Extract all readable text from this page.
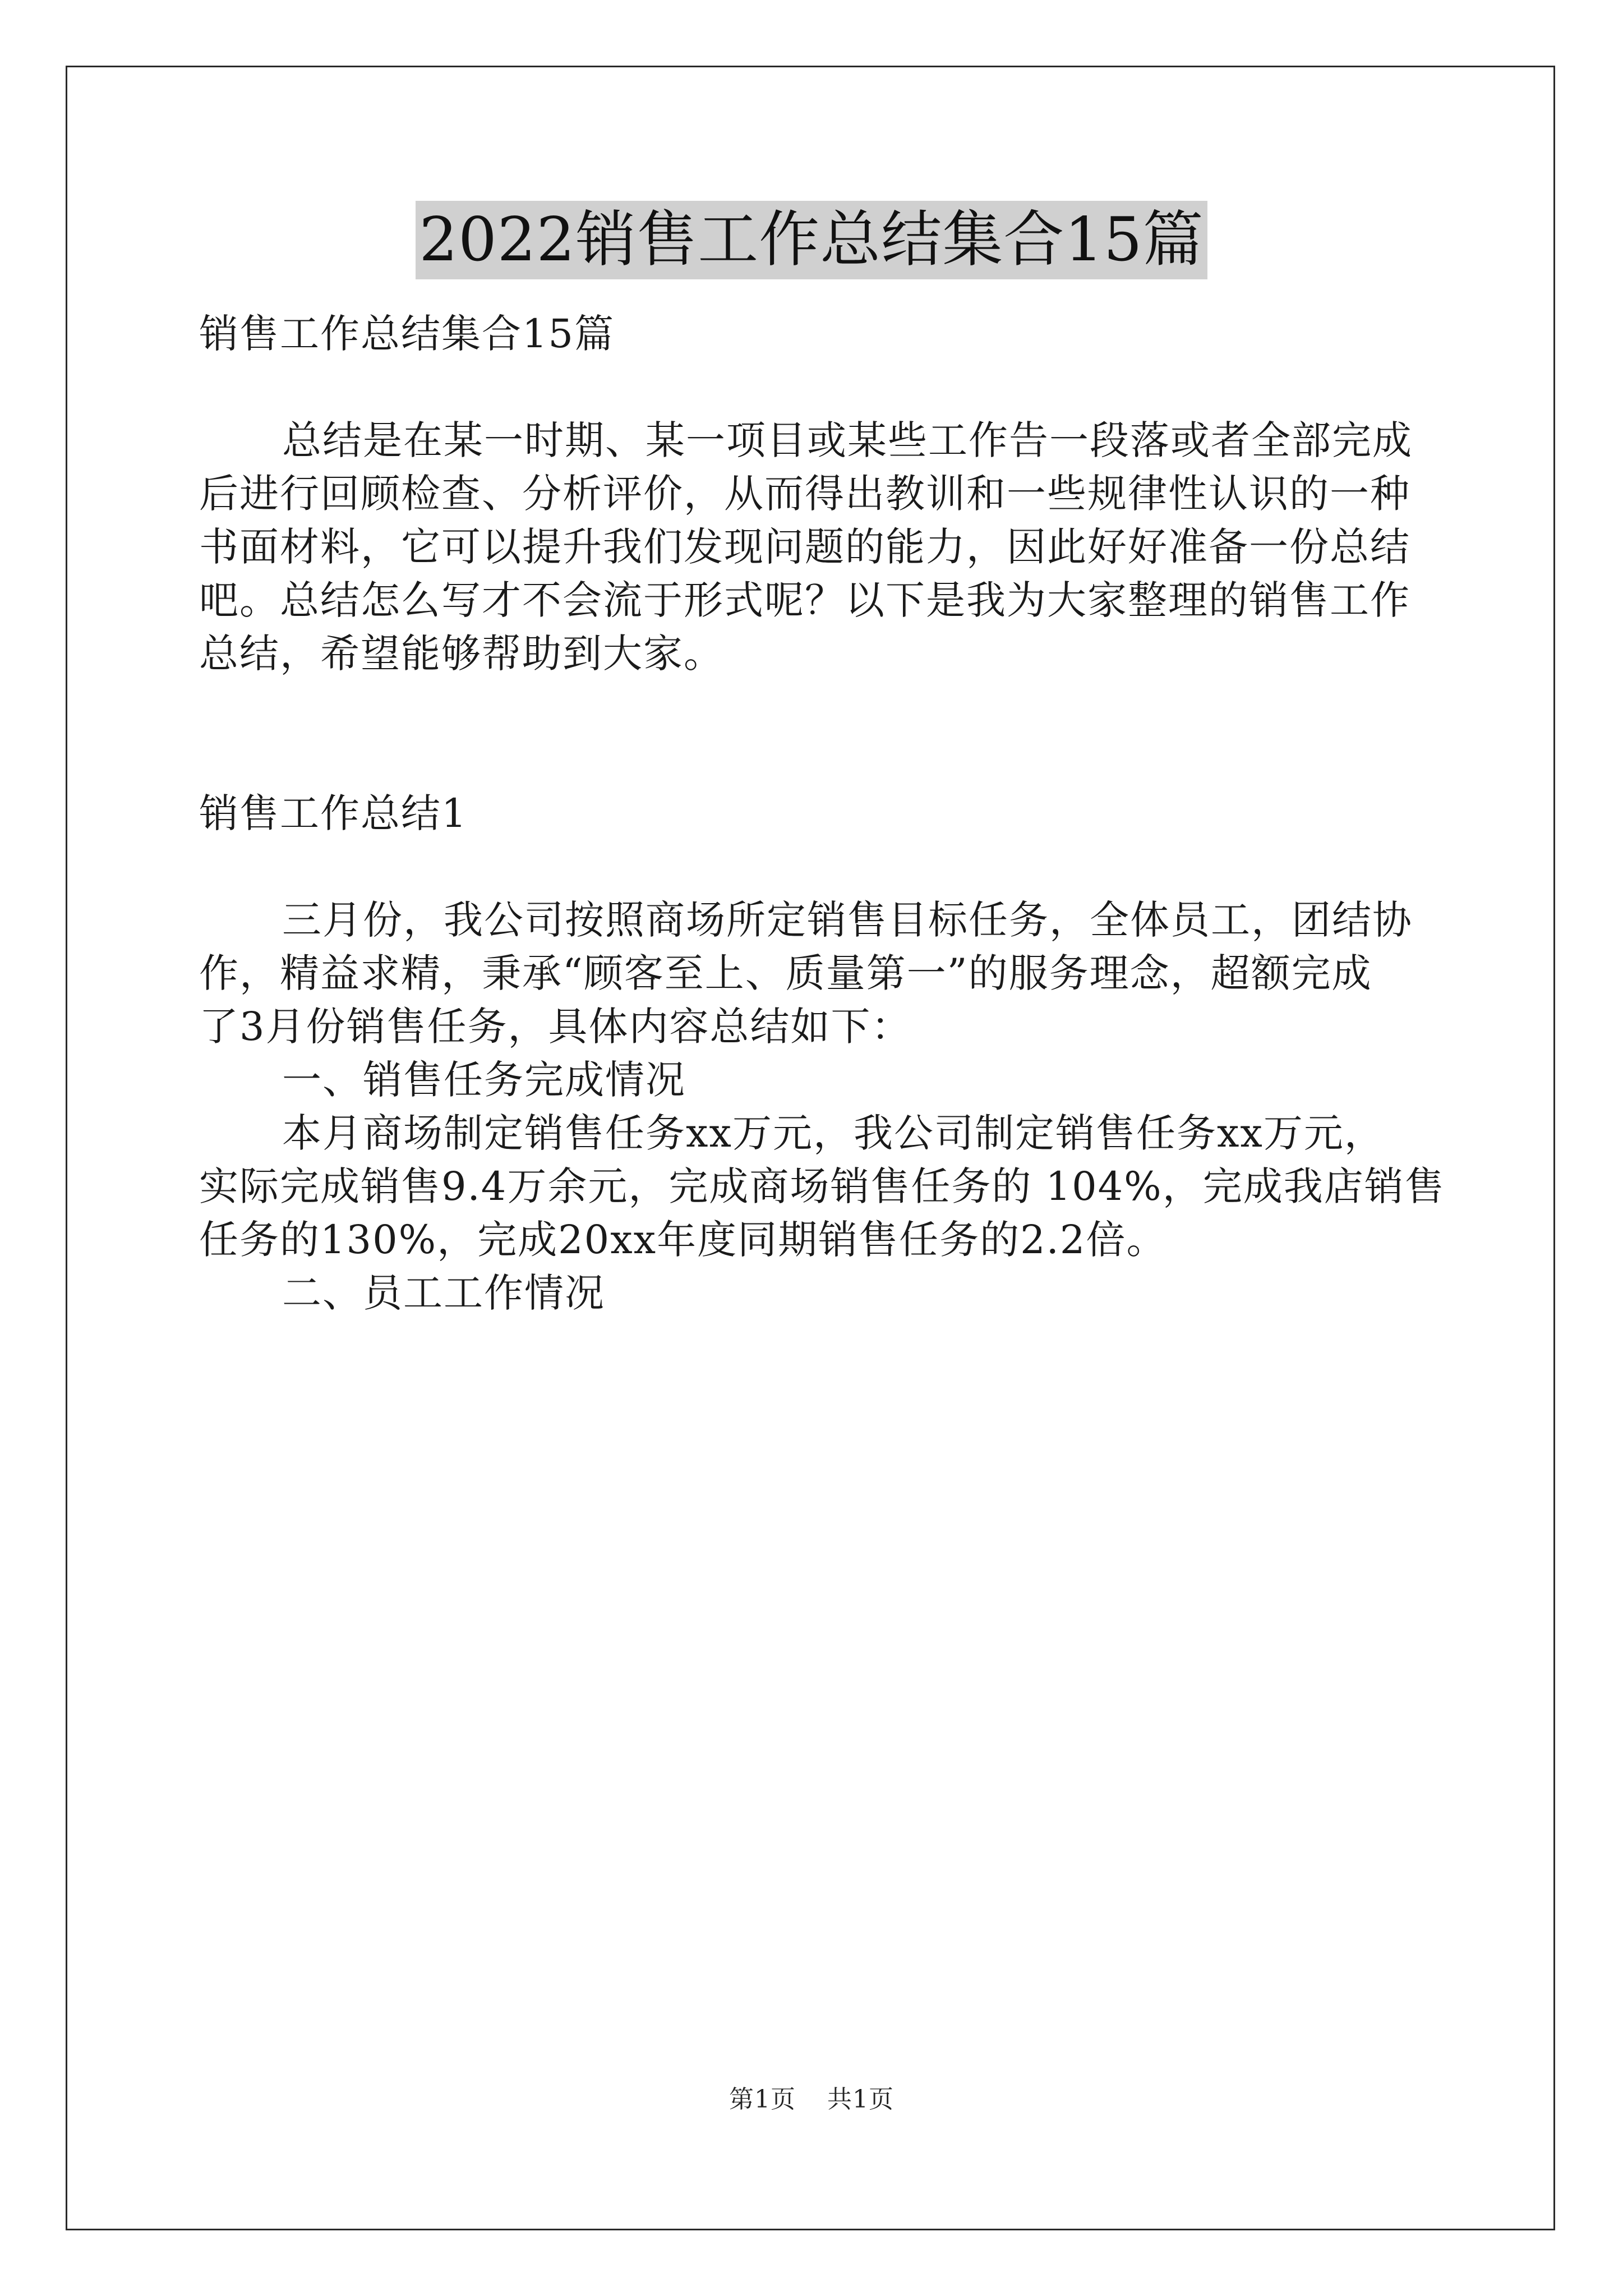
2022销售工作总结集合15篇
销售工作总结集合15篇
总结是在某一时期、某一项目或某些工作告一段落或者全部完成
后进行回顾检查、分析评价，从而得出教训和一些规律性认识的一种
书面材料，它可以提升我们发现问题的能力，因此好好准备一份总结
吧。总结怎么写才不会流于形式呢？以下是我为大家整理的销售工作
总结，希望能够帮助到大家。
销售工作总结1
三月份，我公司按照商场所定销售目标任务，全体员工，团结协
作，精益求精，秉承“顾客至上、质量第一”的服务理念，超额完成
了3月份销售任务，具体内容总结如下：
一、销售任务完成情况
本月商场制定销售任务xx万元，我公司制定销售任务xx万元，
实际完成销售9.4万余元，完成商场销售任务的 104%，完成我店销售
任务的130%，完成20xx年度同期销售任务的2.2倍。
二、员工工作情况
第1页 共1页
